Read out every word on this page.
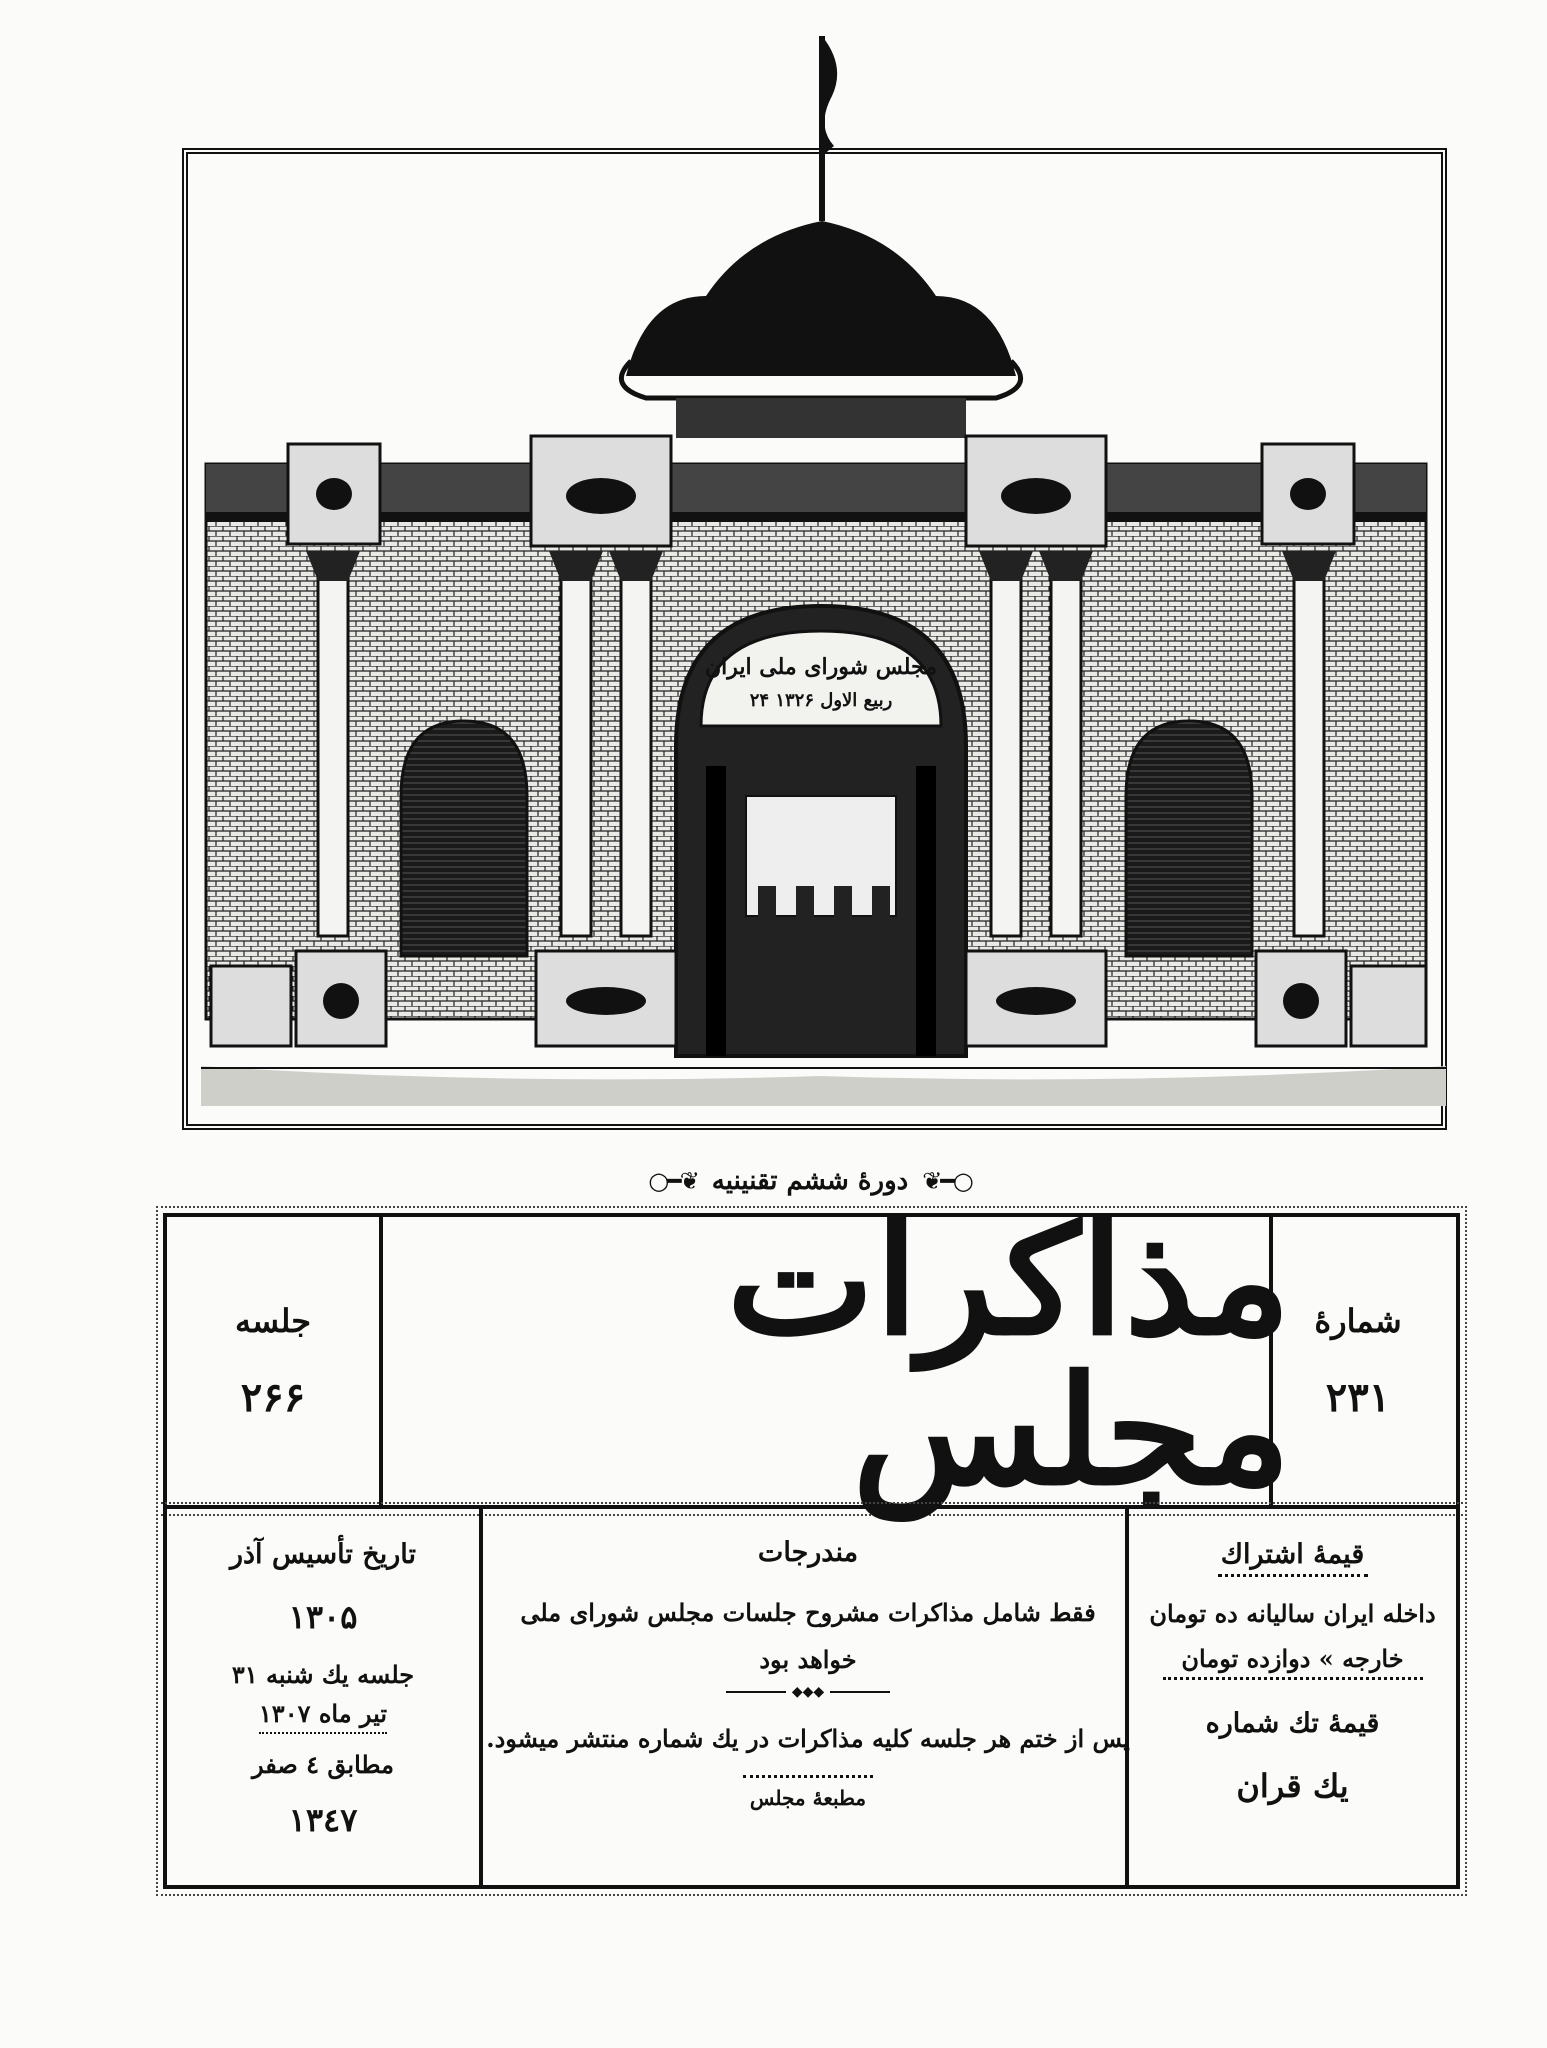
مجلس شورای ملی ایران
۲۴ ربیع الاول ۱۳۲۶
○━❦
دورهٔ ششم تقنینیه
❦━○
شمارهٔ
۲۳۱
مذاکرات مجلس
جلسه
۲۶۶
قیمهٔ اشتراك
داخله ایران سالیانه ده تومان
خارجه » دوازده تومان
قیمهٔ تك شماره
یك قران
مندرجات
فقط شامل مذاکرات مشروح جلسات مجلس شورای ملی
خواهد بود
◆◆◆
پس از ختم هر جلسه کلیه مذاکرات در یك شماره منتشر میشود.
مطبعهٔ مجلس
تاریخ تأسیس آذر
۱۳۰۵
جلسه یك شنبه ۳۱
تیر ماه ۱۳۰۷
مطابق ٤ صفر
۱۳٤۷
